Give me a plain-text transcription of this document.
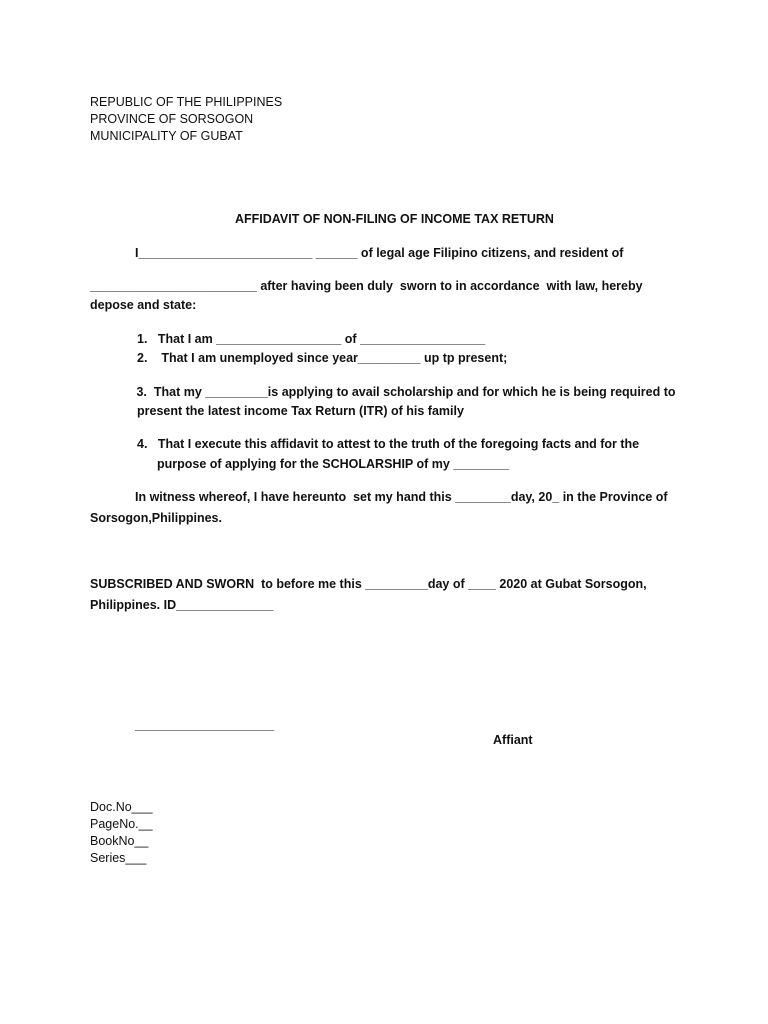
REPUBLIC OF THE PHILIPPINES
PROVINCE OF SORSOGON
MUNICIPALITY OF GUBAT
AFFIDAVIT OF NON-FILING OF INCOME TAX RETURN
I_________________________ ______ of legal age Filipino citizens, and resident of
________________________ after having been duly  sworn to in accordance  with law, hereby
depose and state:
1.   That I am __________________ of __________________
2.    That I am unemployed since year_________ up tp present;
3.  That my _________is applying to avail scholarship and for which he is being required to
present the latest income Tax Return (ITR) of his family
4.   That I execute this affidavit to attest to the truth of the foregoing facts and for the
purpose of applying for the SCHOLARSHIP of my ________
In witness whereof, I have hereunto  set my hand this ________day, 20_ in the Province of
Sorsogon,Philippines.
SUBSCRIBED AND SWORN  to before me this _________day of ____ 2020 at Gubat Sorsogon,
Philippines. ID______________
____________________
Affiant
Doc.No___
PageNo.__
BookNo__
Series___
